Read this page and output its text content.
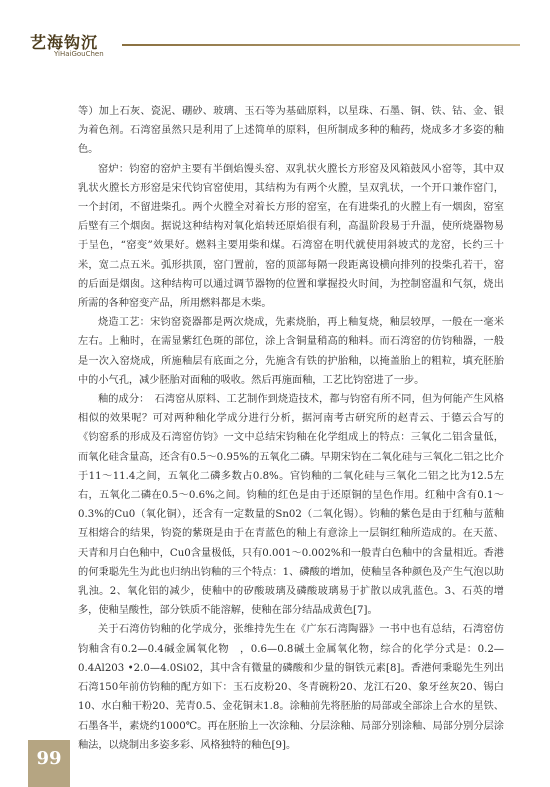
艺海钩沉
YiHaiGouChen

等）加上石灰、瓷泥、硼砂、玻璃、玉石等为基础原料，以星珠、石墨、铜、铁、钴、金、银为着色剂。石湾窑虽然只是利用了上述简单的原料，但所制成多种的釉药，烧成多才多姿的釉色。

窑炉：钧窑的窑炉主要有半倒焰馒头窑、双乳状火膛长方形窑及风箱鼓风小窑等，其中双乳状火膛长方形窑是宋代钧官窑使用，其结构为有两个火膛，呈双乳状，一个开口兼作窑门，一个封闭，不留进柴孔。两个火膛全对着长方形的窑室，在有进柴孔的火膛上有一烟囱，窑室后壁有三个烟囱。据说这种结构对氧化焰转还原焰很有利，高温阶段易于升温，使所烧器物易于呈色，“窑变”效果好。燃料主要用柴和煤。石湾窑在明代就使用斜坡式的龙窑，长约三十米，宽二点五米。弧形拱顶，窑门置前，窑的顶部每隔一段距离设横向排列的投柴孔若干，窑的后面是烟囱。这种结构可以通过调节器物的位置和掌握投火时间，为控制窑温和气氛，烧出所需的各种窑变产品，所用燃料都是木柴。

烧造工艺：宋钧窑瓷器都是两次烧成，先素烧胎，再上釉复烧，釉层较厚，一般在一毫米左右。上釉时，在需显紫红色斑的部位，涂上含铜量稍高的釉料。而石湾窑的仿钧釉器，一般是一次入窑烧成，所施釉层有底面之分，先施含有铁的护胎釉，以掩盖胎上的粗粒，填充胚胎中的小气孔，减少胚胎对面釉的吸收。然后再施面釉，工艺比钧窑进了一步。

釉的成分：　石湾窑从原料、工艺制作到烧造技术，都与钧窑有所不同，但为何能产生风格相似的效果呢？可对两种釉化学成分进行分析，据河南考古研究所的赵青云、于德云合写的《钧窑系的形成及石湾窑仿钧》一文中总结宋钧釉在化学组成上的特点：三氧化二铝含量低，而氧化硅含量高，还含有0.5～0.95%的五氧化二磷。早期宋钧在二氧化硅与三氧化二铝之比介于11～11.4之间，五氧化二磷多数占0.8%。官钧釉的二氧化硅与三氧化二铝之比为12.5左右，五氧化二磷在0.5～0.6%之间。钧釉的红色是由于还原铜的呈色作用。红釉中含有0.1～0.3%的Cu0（氧化铜），还含有一定数量的Sn02（二氧化锡）。钧釉的紫色是由于红釉与蓝釉互相熔合的结果，钧瓷的紫斑是由于在青蓝色的釉上有意涂上一层铜红釉所造成的。在天蓝、天青和月白色釉中，Cu0含量极低，只有0.001～0.002%和一般青白色釉中的含量相近。香港的何秉聪先生为此也归纳出钧釉的三个特点：1、磷酸的增加，使釉呈各种颜色及产生气泡以助乳浊。2、氧化铝的减少，使釉中的矽酸玻璃及磷酸玻璃易于扩散以成乳蓝色。3、石英的增多，使釉呈酸性，部分铁质不能溶解，使釉在部分结晶成黄色[7]。

关于石湾仿钧釉的化学成分，张维持先生在《广东石湾陶器》一书中也有总结，石湾窑仿钧釉含有0.2—0.4碱金属氧化物　，0.6—0.8碱土金属氧化物，综合的化学分式是：0.2—0.4Al203 •2.0—4.0Si02，其中含有微量的磷酸和少量的铜铁元素[8]。香港何秉聪先生列出石湾150年前仿钧釉的配方如下：玉石皮粉20、冬青碗粉20、龙江石20、象牙丝灰20、锡白10、水白釉干粉20、芜青0.5、金花铜末1.8。涂釉前先将胚胎的局部或全部涂上合水的星铁、石墨各半，素烧约1000℃。再在胚胎上一次涂釉、分层涂釉、局部分别涂釉、局部分别分层涂釉法，以烧制出多姿多彩、风格独特的釉色[9]。

99
